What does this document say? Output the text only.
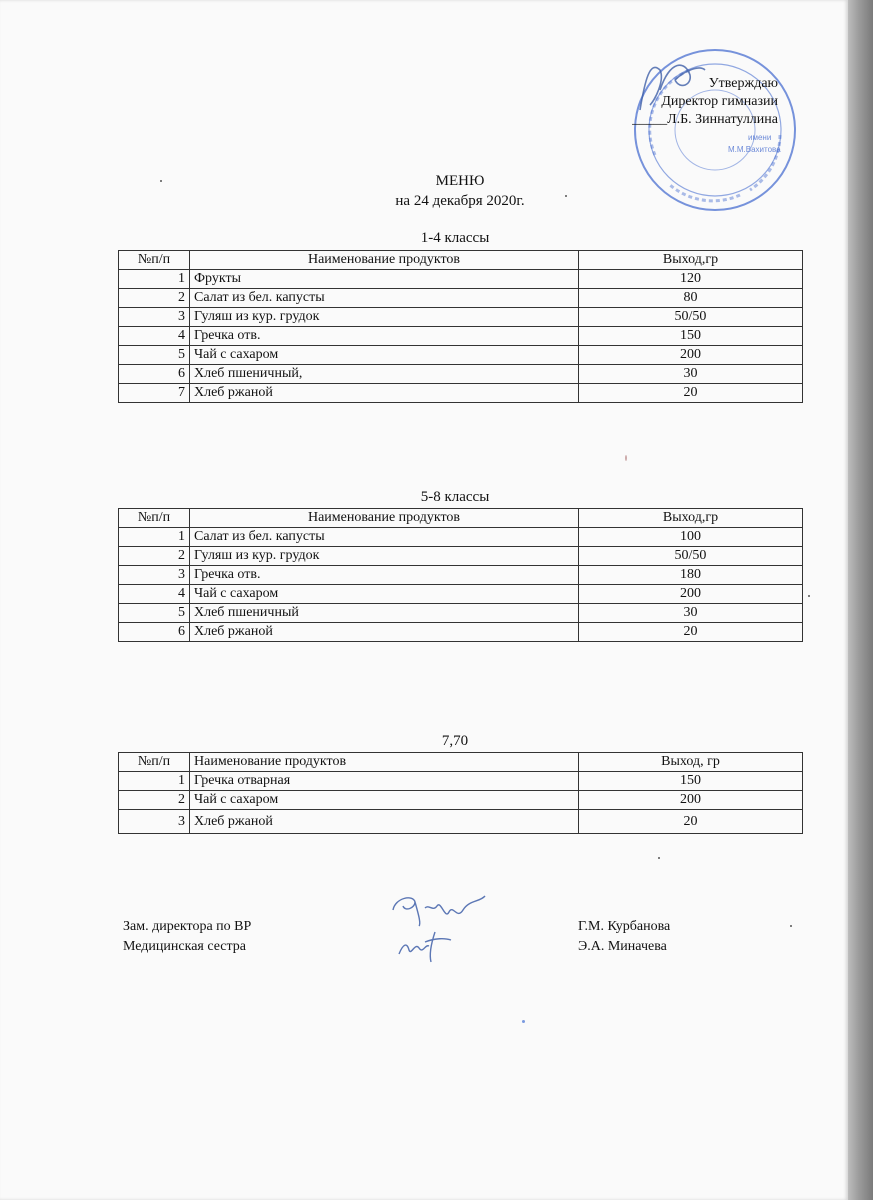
имени
М.М.Вахитова
Утверждаю
Директор гимназии
_____Л.Б. Зиннатуллина
МЕНЮ
на 24 декабря 2020г.
1-4 классы
№п/п	Наименование продуктов	Выход,гр
1	Фрукты	120
2	Салат из бел. капусты	80
3	Гуляш из кур. грудок	50/50
4	Гречка отв.	150
5	Чай с сахаром	200
6	Хлеб пшеничный,	30
7	Хлеб ржаной	20
5-8 классы
№п/п	Наименование продуктов	Выход,гр
1	Салат из бел. капусты	100
2	Гуляш из кур. грудок	50/50
3	Гречка отв.	180
4	Чай с сахаром	200
5	Хлеб пшеничный	30
6	Хлеб ржаной	20
7,70
№п/п	Наименование продуктов	Выход, гр
1	Гречка отварная	150
2	Чай с сахаром	200
3	Хлеб ржаной	20
Зам. директора по ВР	Г.М. Курбанова
Медицинская сестра	Э.А. Миначева
